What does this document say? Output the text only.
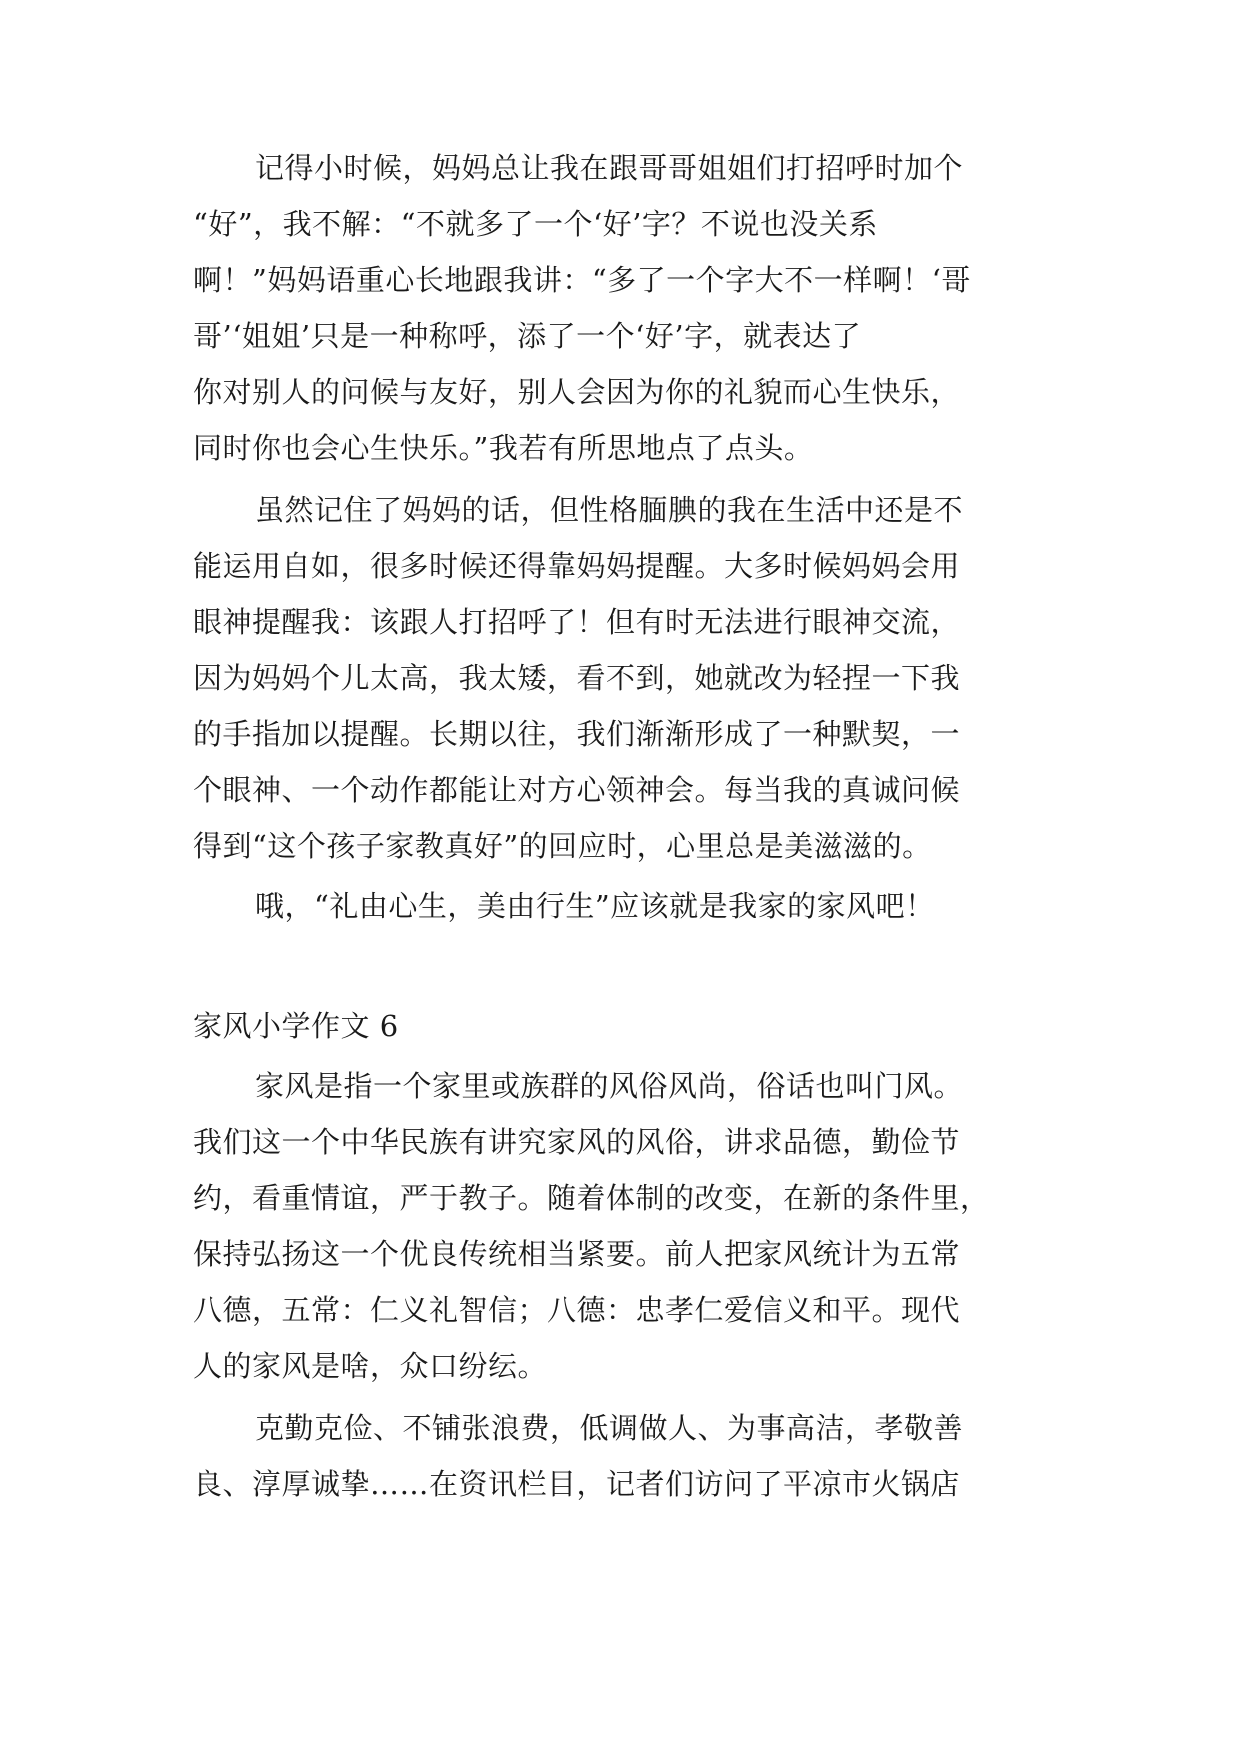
记得小时候，妈妈总让我在跟哥哥姐姐们打招呼时加个
“好”，我不解：“不就多了一个‘好’字？不说也没关系
啊！”妈妈语重心长地跟我讲：“多了一个字大不一样啊！‘哥
哥’‘姐姐’只是一种称呼，添了一个‘好’字，就表达了
你对别人的问候与友好，别人会因为你的礼貌而心生快乐，
同时你也会心生快乐。”我若有所思地点了点头。
虽然记住了妈妈的话，但性格腼腆的我在生活中还是不
能运用自如，很多时候还得靠妈妈提醒。大多时候妈妈会用
眼神提醒我：该跟人打招呼了！但有时无法进行眼神交流，
因为妈妈个儿太高，我太矮，看不到，她就改为轻捏一下我
的手指加以提醒。长期以往，我们渐渐形成了一种默契，一
个眼神、一个动作都能让对方心领神会。每当我的真诚问候
得到“这个孩子家教真好”的回应时，心里总是美滋滋的。
哦，“礼由心生，美由行生”应该就是我家的家风吧！
家风小学作文 6
家风是指一个家里或族群的风俗风尚，俗话也叫门风。
我们这一个中华民族有讲究家风的风俗，讲求品德，勤俭节
约，看重情谊，严于教子。随着体制的改变，在新的条件里，
保持弘扬这一个优良传统相当紧要。前人把家风统计为五常
八德，五常：仁义礼智信；八德：忠孝仁爱信义和平。现代
人的家风是啥，众口纷纭。
克勤克俭、不铺张浪费，低调做人、为事高洁，孝敬善
良、淳厚诚挚……在资讯栏目，记者们访问了平凉市火锅店
